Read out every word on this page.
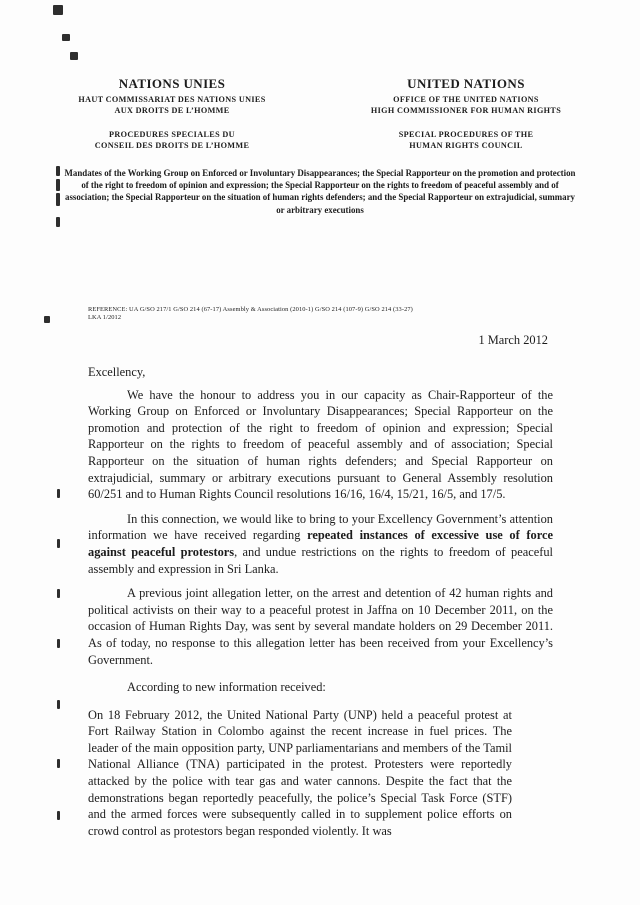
NATIONS UNIES
HAUT COMMISSARIAT DES NATIONS UNIES
AUX DROITS DE L’HOMME
PROCEDURES SPECIALES DU
CONSEIL DES DROITS DE L’HOMME
UNITED NATIONS
OFFICE OF THE UNITED NATIONS
HIGH COMMISSIONER FOR HUMAN RIGHTS
SPECIAL PROCEDURES OF THE
HUMAN RIGHTS COUNCIL
Mandates of the Working Group on Enforced or Involuntary Disappearances; the Special Rapporteur on the promotion and protection of the right to freedom of opinion and expression; the Special Rapporteur on the rights to freedom of peaceful assembly and of association; the Special Rapporteur on the situation of human rights defenders; and the Special Rapporteur on extrajudicial, summary or arbitrary executions
REFERENCE: UA G/SO 217/1 G/SO 214 (67-17) Assembly & Association (2010-1) G/SO 214 (107-9) G/SO 214 (33-27)
LKA 1/2012
1 March 2012

Excellency,

We have the honour to address you in our capacity as Chair-Rapporteur of the Working Group on Enforced or Involuntary Disappearances; Special Rapporteur on the promotion and protection of the right to freedom of opinion and expression; Special Rapporteur on the rights to freedom of peaceful assembly and of association; Special Rapporteur on the situation of human rights defenders; and Special Rapporteur on extrajudicial, summary or arbitrary executions pursuant to General Assembly resolution 60/251 and to Human Rights Council resolutions 16/16, 16/4, 15/21, 16/5, and 17/5.

In this connection, we would like to bring to your Excellency Government’s attention information we have received regarding repeated instances of excessive use of force against peaceful protestors, and undue restrictions on the rights to freedom of peaceful assembly and expression in Sri Lanka.

A previous joint allegation letter, on the arrest and detention of 42 human rights and political activists on their way to a peaceful protest in Jaffna on 10 December 2011, on the occasion of Human Rights Day, was sent by several mandate holders on 29 December 2011. As of today, no response to this allegation letter has been received from your Excellency’s Government.

According to new information received:

On 18 February 2012, the United National Party (UNP) held a peaceful protest at Fort Railway Station in Colombo against the recent increase in fuel prices. The leader of the main opposition party, UNP parliamentarians and members of the Tamil National Alliance (TNA) participated in the protest. Protesters were reportedly attacked by the police with tear gas and water cannons. Despite the fact that the demonstrations began reportedly peacefully, the police’s Special Task Force (STF) and the armed forces were subsequently called in to supplement police efforts on crowd control as protestors began responded violently. It was
